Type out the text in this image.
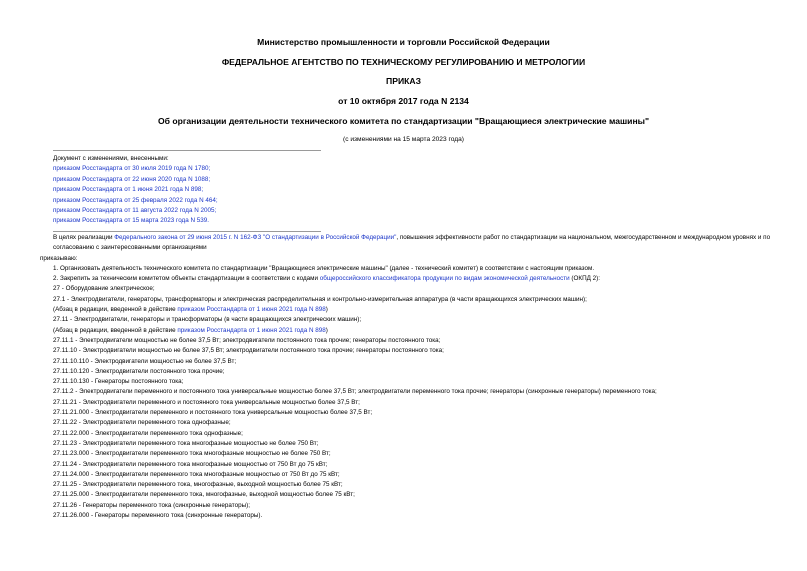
Министерство промышленности и торговли Российской Федерации
ФЕДЕРАЛЬНОЕ АГЕНТСТВО ПО ТЕХНИЧЕСКОМУ РЕГУЛИРОВАНИЮ И МЕТРОЛОГИИ
ПРИКАЗ
от 10 октября 2017 года N 2134
Об организации деятельности технического комитета по стандартизации "Вращающиеся электрические машины"
(с изменениями на 15 марта 2023 года)
Документ с изменениями, внесенными:
приказом Росстандарта от 30 июля 2019 года N 1780;
приказом Росстандарта от 22 июня 2020 года N 1088;
приказом Росстандарта от 1 июня 2021 года N 898;
приказом Росстандарта от 25 февраля 2022 года N 464;
приказом Росстандарта от 11 августа 2022 года N 2005;
приказом Росстандарта от 15 марта 2023 года N 539.
В целях реализации Федерального закона от 29 июня 2015 г. N 162-ФЗ "О стандартизации в Российской Федерации", повышения эффективности работ по стандартизации на национальном, межгосударственном и международном уровнях и по согласованию с заинтересованными организациями
приказываю:
1. Организовать деятельность технического комитета по стандартизации "Вращающиеся электрические машины" (далее - технический комитет) в соответствии с настоящим приказом.
2. Закрепить за техническим комитетом объекты стандартизации в соответствии с кодами общероссийского классификатора продукции по видам экономической деятельности (ОКПД 2):
27 - Оборудование электрическое;
27.1 - Электродвигатели, генераторы, трансформаторы и электрическая распределительная и контрольно-измерительная аппаратура (в части вращающихся электрических машин);
(Абзац в редакции, введенной в действие приказом Росстандарта от 1 июня 2021 года N 898)
27.11 - Электродвигатели, генераторы и трансформаторы (в части вращающихся электрических машин);
(Абзац в редакции, введенной в действие приказом Росстандарта от 1 июня 2021 года N 898)
27.11.1 - Электродвигатели мощностью не более 37,5 Вт; электродвигатели постоянного тока прочие; генераторы постоянного тока;
27.11.10 - Электродвигатели мощностью не более 37,5 Вт; электродвигатели постоянного тока прочие; генераторы постоянного тока;
27.11.10.110 - Электродвигатели мощностью не более 37,5 Вт;
27.11.10.120 - Электродвигатели постоянного тока прочие;
27.11.10.130 - Генераторы постоянного тока;
27.11.2 - Электродвигатели переменного и постоянного тока универсальные мощностью более 37,5 Вт; электродвигатели переменного тока прочие; генераторы (синхронные генераторы) переменного тока;
27.11.21 - Электродвигатели переменного и постоянного тока универсальные мощностью более 37,5 Вт;
27.11.21.000 - Электродвигатели переменного и постоянного тока универсальные мощностью более 37,5 Вт;
27.11.22 - Электродвигатели переменного тока однофазные;
27.11.22.000 - Электродвигатели переменного тока однофазные;
27.11.23 - Электродвигатели переменного тока многофазные мощностью не более 750 Вт;
27.11.23.000 - Электродвигатели переменного тока многофазные мощностью не более 750 Вт;
27.11.24 - Электродвигатели переменного тока многофазные мощностью от 750 Вт до 75 кВт;
27.11.24.000 - Электродвигатели переменного тока многофазные мощностью от 750 Вт до 75 кВт;
27.11.25 - Электродвигатели переменного тока, многофазные, выходной мощностью более 75 кВт;
27.11.25.000 - Электродвигатели переменного тока, многофазные, выходной мощностью более 75 кВт;
27.11.26 - Генераторы переменного тока (синхронные генераторы);
27.11.26.000 - Генераторы переменного тока (синхронные генераторы).
